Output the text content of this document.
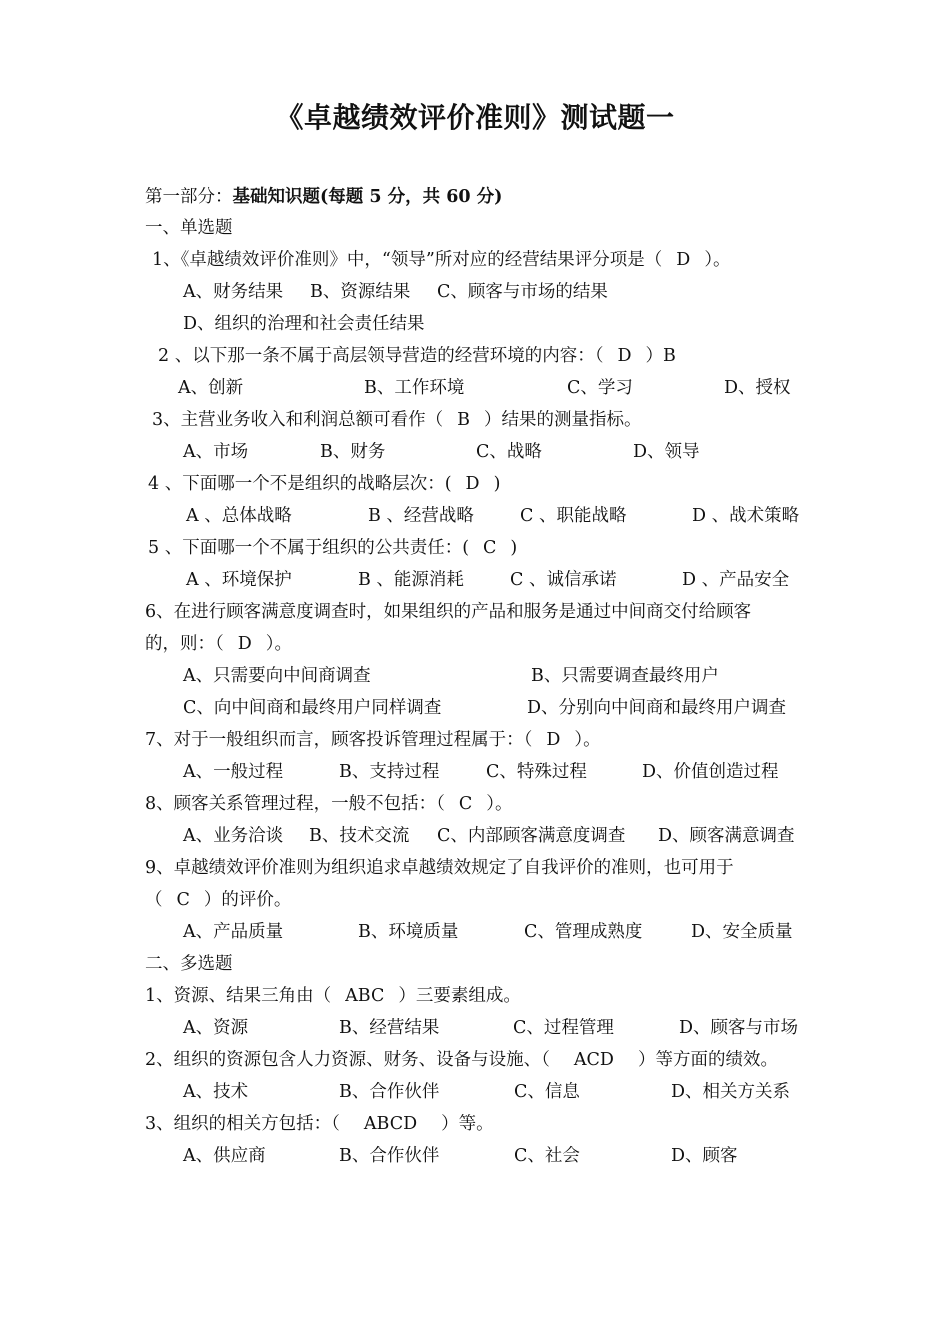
《卓越绩效评价准则》测试题一
第一部分：基础知识题(每题 5 分，共 60 分)
一、单选题
1、《卓越绩效评价准则》中，“领导”所对应的经营结果评分项是（ D ）。
A、财务结果 B、资源结果 C、顾客与市场的结果
D、组织的治理和社会责任结果
2 、以下那一条不属于高层领导营造的经营环境的内容：（ D ）B
A、创新	B、工作环境	C、学习	D、授权
3、主营业务收入和利润总额可看作（ B ）结果的测量指标。
A、市场	B、财务	C、战略	D、领导
4 、下面哪一个不是组织的战略层次：( D )
A 、总体战略	B 、经营战略	C 、职能战略	D 、战术策略
5 、下面哪一个不属于组织的公共责任：( C )
A 、环境保护	B 、能源消耗	C 、诚信承诺	D 、产品安全
6、在进行顾客满意度调查时，如果组织的产品和服务是通过中间商交付给顾客
的，则：（ D ）。
A、只需要向中间商调查	B、只需要调查最终用户
C、向中间商和最终用户同样调查	D、分别向中间商和最终用户调查
7、对于一般组织而言，顾客投诉管理过程属于：（ D ）。
A、一般过程	B、支持过程	C、特殊过程	D、价值创造过程
8、顾客关系管理过程，一般不包括：（ C ）。
A、业务洽谈 B、技术交流 C、内部顾客满意度调查 D、顾客满意调查
9、卓越绩效评价准则为组织追求卓越绩效规定了自我评价的准则，也可用于
（ C ）的评价。
A、产品质量	B、环境质量	C、管理成熟度	D、安全质量
二、多选题
1、资源、结果三角由（ ABC ）三要素组成。
A、资源	B、经营结果	C、过程管理	D、顾客与市场
2、组织的资源包含人力资源、财务、设备与设施、（ ACD ）等方面的绩效。
A、技术	B、合作伙伴	C、信息	D、相关方关系
3、组织的相关方包括：（ ABCD ）等。
A、供应商	B、合作伙伴	C、社会	D、顾客
